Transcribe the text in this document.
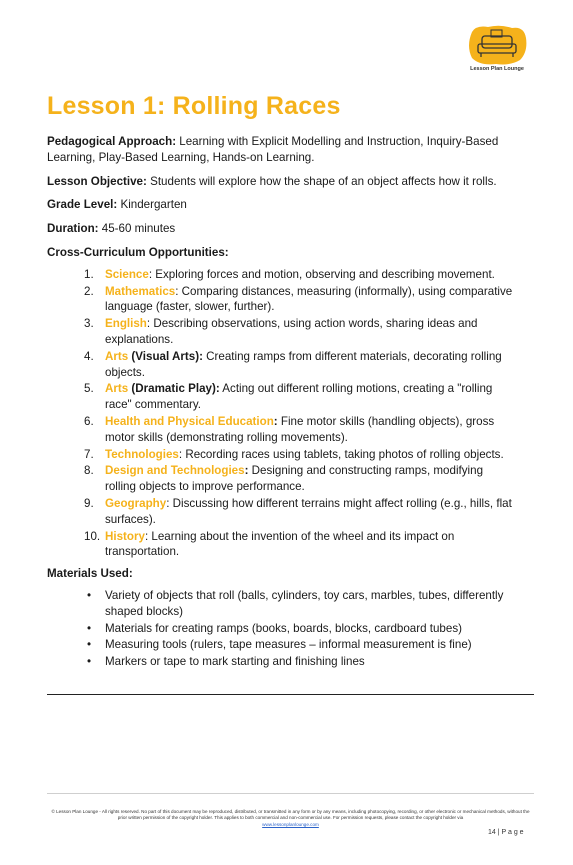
Lesson Plan Lounge
Lesson 1: Rolling Races

Pedagogical Approach: Learning with Explicit Modelling and Instruction, Inquiry-Based Learning, Play-Based Learning, Hands-on Learning.

Lesson Objective: Students will explore how the shape of an object affects how it rolls.

Grade Level: Kindergarten

Duration: 45-60 minutes

Cross-Curriculum Opportunities:

1. Science: Exploring forces and motion, observing and describing movement.
2. Mathematics: Comparing distances, measuring (informally), using comparative language (faster, slower, further).
3. English: Describing observations, using action words, sharing ideas and explanations.
4. Arts (Visual Arts): Creating ramps from different materials, decorating rolling objects.
5. Arts (Dramatic Play): Acting out different rolling motions, creating a "rolling race" commentary.
6. Health and Physical Education: Fine motor skills (handling objects), gross motor skills (demonstrating rolling movements).
7. Technologies: Recording races using tablets, taking photos of rolling objects.
8. Design and Technologies: Designing and constructing ramps, modifying rolling objects to improve performance.
9. Geography: Discussing how different terrains might affect rolling (e.g., hills, flat surfaces).
10. History: Learning about the invention of the wheel and its impact on transportation.

Materials Used:

• Variety of objects that roll (balls, cylinders, toy cars, marbles, tubes, differently shaped blocks)
• Materials for creating ramps (books, boards, blocks, cardboard tubes)
• Measuring tools (rulers, tape measures – informal measurement is fine)
• Markers or tape to mark starting and finishing lines
© Lesson Plan Lounge - All rights reserved. No part of this document may be reproduced, distributed, or transmitted in any form or by any means, including photocopying, recording, or other electronic or mechanical methods, without the prior written permission of the copyright holder. This applies to both commercial and non-commercial use. For permission requests, please contact the copyright holder via
www.lessonplanlounge.com
14 | P a g e
